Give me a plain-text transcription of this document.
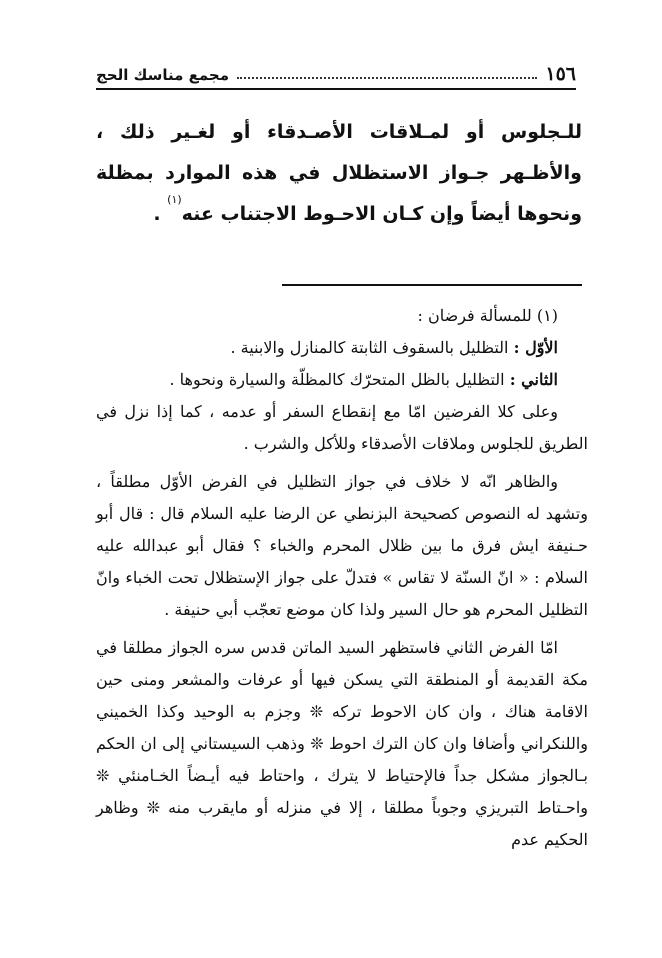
١٥٦
مجمع مناسك الحج
للـجلوس أو لمـلاقات الأصـدقاء أو لغـير ذلك ، والأظـهر جـواز الاستظلال في هذه الموارد بمظلة ونحوها أيضاً وإن كـان الاحـوط الاجتناب عنه$^{(١)}$ .

(١) للمسألة فرضان :

الأوّل : التظليل بالسقوف الثابتة كالمنازل والابنية .

الثاني : التظليل بالظل المتحرّك كالمظلّة والسيارة ونحوها .

وعلى كلا الفرضين امّا مع إنقطاع السفر أو عدمه ، كما إذا نزل في الطريق للجلوس وملاقات الأصدقاء وللأكل والشرب .

والظاهر انّه لا خلاف في جواز التظليل في الفرض الأوّل مطلقاً ، وتشهد له النصوص كصحيحة البزنطي عن الرضا عليه السلام قال : قال أبو حـنيفة ايش فرق ما بين ظلال المحرم والخباء ؟ فقال أبو عبدالله عليه السلام : « انّ السنّة لا تقاس » فتدلّ على جواز الإستظلال تحت الخباء وانّ التظليل المحرم هو حال السير ولذا كان موضع تعجّب أبي حنيفة .

امّا الفرض الثاني فاستظهر السيد الماتن قدس سره الجواز مطلقا في مكة القديمة أو المنطقة التي يسكن فيها أو عرفات والمشعر ومنى حين الاقامة هناك ، وان كان الاحوط تركه ❊ وجزم به الوحيد وكذا الخميني واللنكراني وأضافا وان كان الترك احوط ❊ وذهب السيستاني إلى ان الحكم بـالجواز مشكل جداً فالإحتياط لا يترك ، واحتاط فيه أيـضاً الخـامنئي ❊ واحـتاط التبريزي وجوباً مطلقا ، إلا في منزله أو مايقرب منه ❊ وظاهر الحكيم عدم
